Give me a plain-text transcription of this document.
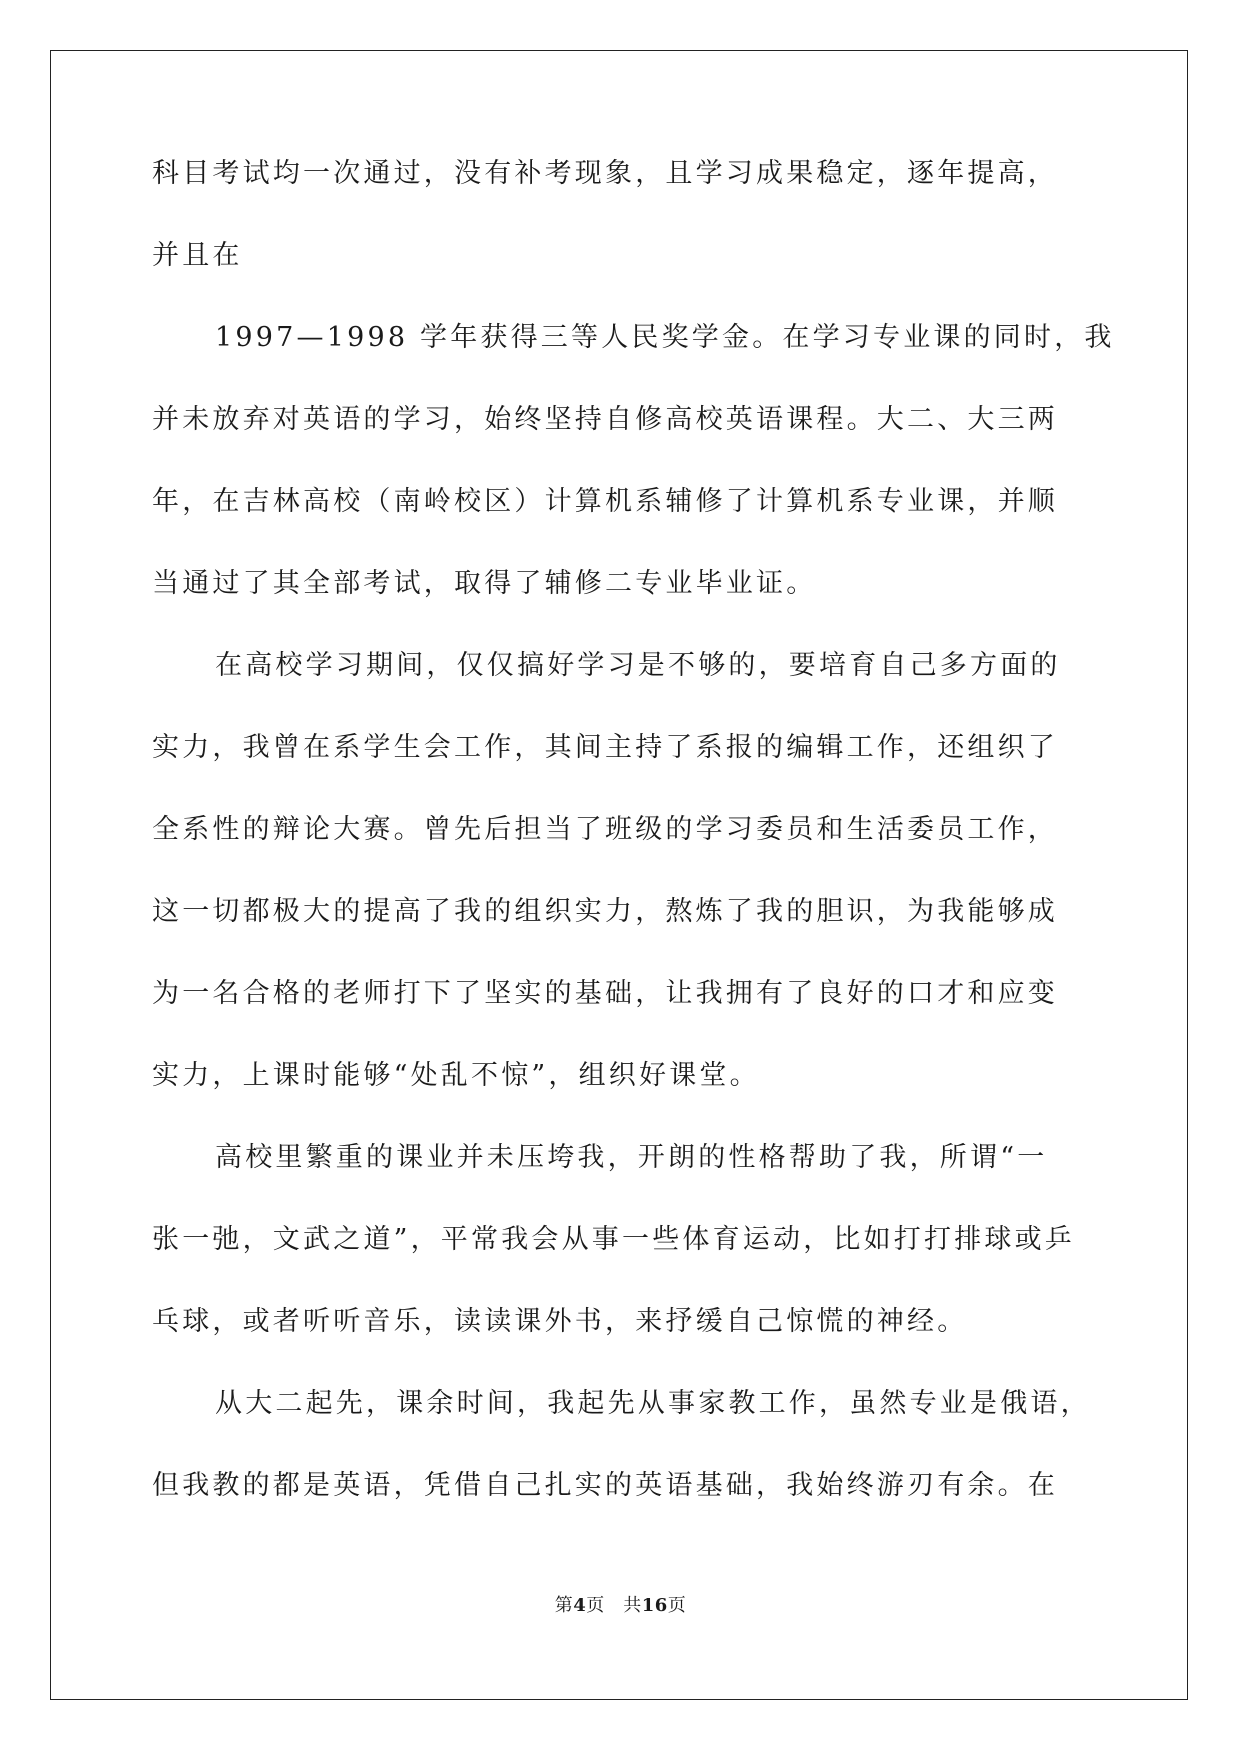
科目考试均一次通过，没有补考现象，且学习成果稳定，逐年提高，
并且在
1997—1998 学年获得三等人民奖学金。在学习专业课的同时，我
并未放弃对英语的学习，始终坚持自修高校英语课程。大二、大三两
年，在吉林高校（南岭校区）计算机系辅修了计算机系专业课，并顺
当通过了其全部考试，取得了辅修二专业毕业证。
在高校学习期间，仅仅搞好学习是不够的，要培育自己多方面的
实力，我曾在系学生会工作，其间主持了系报的编辑工作，还组织了
全系性的辩论大赛。曾先后担当了班级的学习委员和生活委员工作，
这一切都极大的提高了我的组织实力，熬炼了我的胆识，为我能够成
为一名合格的老师打下了坚实的基础，让我拥有了良好的口才和应变
实力，上课时能够“处乱不惊”，组织好课堂。
高校里繁重的课业并未压垮我，开朗的性格帮助了我，所谓“一
张一弛，文武之道”，平常我会从事一些体育运动，比如打打排球或乒
乓球，或者听听音乐，读读课外书，来抒缓自己惊慌的神经。
从大二起先，课余时间，我起先从事家教工作，虽然专业是俄语，
但我教的都是英语，凭借自己扎实的英语基础，我始终游刃有余。在
第4页　共16页
